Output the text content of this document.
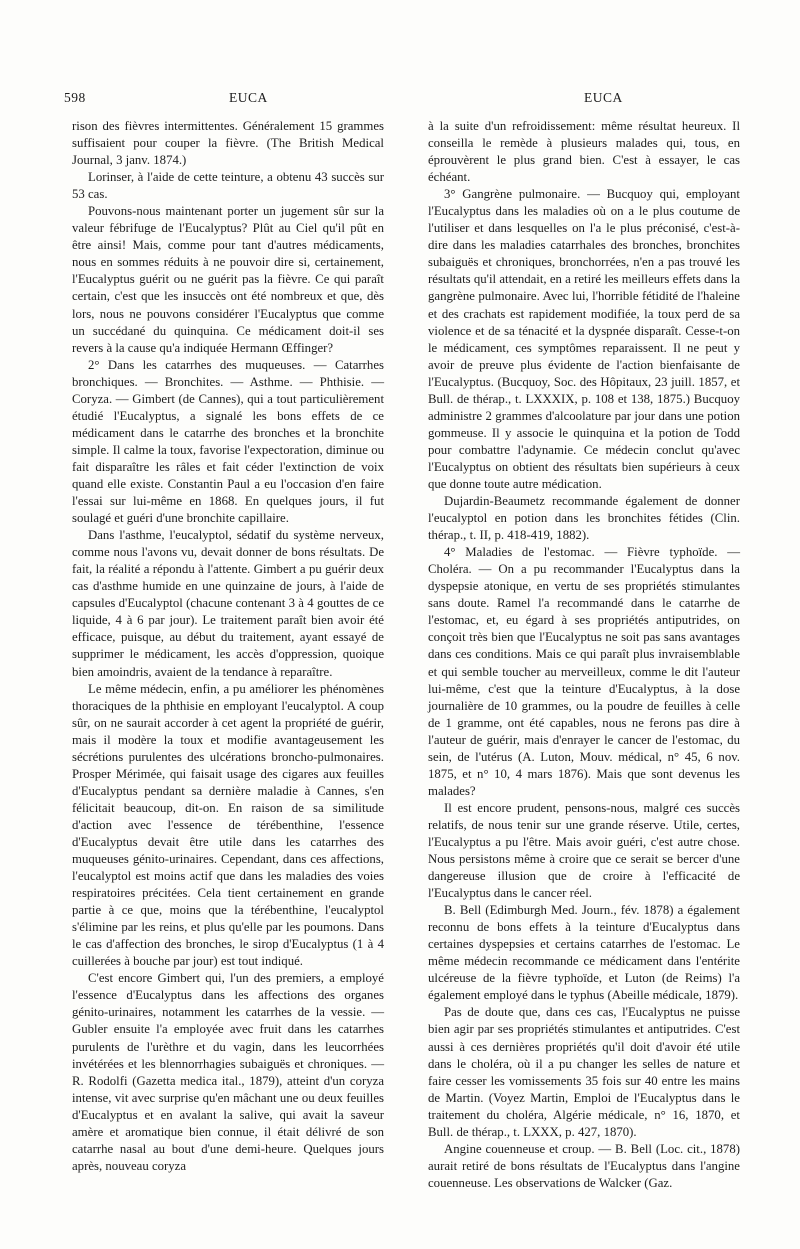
598	EUCA	EUCA

rison des fièvres intermittentes. Généralement 15 grammes suffisaient pour couper la fièvre. (The British Medical Journal, 3 janv. 1874.)

Lorinser, à l'aide de cette teinture, a obtenu 43 succès sur 53 cas.

Pouvons-nous maintenant porter un jugement sûr sur la valeur fébrifuge de l'Eucalyptus? Plût au Ciel qu'il pût en être ainsi! Mais, comme pour tant d'autres médicaments, nous en sommes réduits à ne pouvoir dire si, certainement, l'Eucalyptus guérit ou ne guérit pas la fièvre. Ce qui paraît certain, c'est que les insuccès ont été nombreux et que, dès lors, nous ne pouvons considérer l'Eucalyptus que comme un succédané du quinquina. Ce médicament doit-il ses revers à la cause qu'a indiquée Hermann Œffinger?

2° Dans les catarrhes des muqueuses. — Catarrhes bronchiques. — Bronchites. — Asthme. — Phthisie. — Coryza. — Gimbert (de Cannes), qui a tout particulièrement étudié l'Eucalyptus, a signalé les bons effets de ce médicament dans le catarrhe des bronches et la bronchite simple. Il calme la toux, favorise l'expectoration, diminue ou fait disparaître les râles et fait céder l'extinction de voix quand elle existe. Constantin Paul a eu l'occasion d'en faire l'essai sur lui-même en 1868. En quelques jours, il fut soulagé et guéri d'une bronchite capillaire.

Dans l'asthme, l'eucalyptol, sédatif du système nerveux, comme nous l'avons vu, devait donner de bons résultats. De fait, la réalité a répondu à l'attente. Gimbert a pu guérir deux cas d'asthme humide en une quinzaine de jours, à l'aide de capsules d'Eucalyptol (chacune contenant 3 à 4 gouttes de ce liquide, 4 à 6 par jour). Le traitement paraît bien avoir été efficace, puisque, au début du traitement, ayant essayé de supprimer le médicament, les accès d'oppression, quoique bien amoindris, avaient de la tendance à reparaître.

Le même médecin, enfin, a pu améliorer les phénomènes thoraciques de la phthisie en employant l'eucalyptol. A coup sûr, on ne saurait accorder à cet agent la propriété de guérir, mais il modère la toux et modifie avantageusement les sécrétions purulentes des ulcérations broncho-pulmonaires. Prosper Mérimée, qui faisait usage des cigares aux feuilles d'Eucalyptus pendant sa dernière maladie à Cannes, s'en félicitait beaucoup, dit-on. En raison de sa similitude d'action avec l'essence de térébenthine, l'essence d'Eucalyptus devait être utile dans les catarrhes des muqueuses génito-urinaires. Cependant, dans ces affections, l'eucalyptol est moins actif que dans les maladies des voies respiratoires précitées. Cela tient certainement en grande partie à ce que, moins que la térébenthine, l'eucalyptol s'élimine par les reins, et plus qu'elle par les poumons. Dans le cas d'affection des bronches, le sirop d'Eucalyptus (1 à 4 cuillerées à bouche par jour) est tout indiqué.

C'est encore Gimbert qui, l'un des premiers, a employé l'essence d'Eucalyptus dans les affections des organes génito-urinaires, notamment les catarrhes de la vessie. — Gubler ensuite l'a employée avec fruit dans les catarrhes purulents de l'urèthre et du vagin, dans les leucorrhées invétérées et les blennorrhagies subaiguës et chroniques. — R. Rodolfi (Gazetta medica ital., 1879), atteint d'un coryza intense, vit avec surprise qu'en mâchant une ou deux feuilles d'Eucalyptus et en avalant la salive, qui avait la saveur amère et aromatique bien connue, il était délivré de son catarrhe nasal au bout d'une demi-heure. Quelques jours après, nouveau coryza

à la suite d'un refroidissement: même résultat heureux. Il conseilla le remède à plusieurs malades qui, tous, en éprouvèrent le plus grand bien. C'est à essayer, le cas échéant.

3° Gangrène pulmonaire. — Bucquoy qui, employant l'Eucalyptus dans les maladies où on a le plus coutume de l'utiliser et dans lesquelles on l'a le plus préconisé, c'est-à-dire dans les maladies catarrhales des bronches, bronchites subaiguës et chroniques, bronchorrées, n'en a pas trouvé les résultats qu'il attendait, en a retiré les meilleurs effets dans la gangrène pulmonaire. Avec lui, l'horrible fétidité de l'haleine et des crachats est rapidement modifiée, la toux perd de sa violence et de sa ténacité et la dyspnée disparaît. Cesse-t-on le médicament, ces symptômes reparaissent. Il ne peut y avoir de preuve plus évidente de l'action bienfaisante de l'Eucalyptus. (Bucquoy, Soc. des Hôpitaux, 23 juill. 1857, et Bull. de thérap., t. LXXXIX, p. 108 et 138, 1875.) Bucquoy administre 2 grammes d'alcoolature par jour dans une potion gommeuse. Il y associe le quinquina et la potion de Todd pour combattre l'adynamie. Ce médecin conclut qu'avec l'Eucalyptus on obtient des résultats bien supérieurs à ceux que donne toute autre médication.

Dujardin-Beaumetz recommande également de donner l'eucalyptol en potion dans les bronchites fétides (Clin. thérap., t. II, p. 418-419, 1882).

4° Maladies de l'estomac. — Fièvre typhoïde. — Choléra. — On a pu recommander l'Eucalyptus dans la dyspepsie atonique, en vertu de ses propriétés stimulantes sans doute. Ramel l'a recommandé dans le catarrhe de l'estomac, et, eu égard à ses propriétés antiputrides, on conçoit très bien que l'Eucalyptus ne soit pas sans avantages dans ces conditions. Mais ce qui paraît plus invraisemblable et qui semble toucher au merveilleux, comme le dit l'auteur lui-même, c'est que la teinture d'Eucalyptus, à la dose journalière de 10 grammes, ou la poudre de feuilles à celle de 1 gramme, ont été capables, nous ne ferons pas dire à l'auteur de guérir, mais d'enrayer le cancer de l'estomac, du sein, de l'utérus (A. Luton, Mouv. médical, n° 45, 6 nov. 1875, et n° 10, 4 mars 1876). Mais que sont devenus les malades?

Il est encore prudent, pensons-nous, malgré ces succès relatifs, de nous tenir sur une grande réserve. Utile, certes, l'Eucalyptus a pu l'être. Mais avoir guéri, c'est autre chose. Nous persistons même à croire que ce serait se bercer d'une dangereuse illusion que de croire à l'efficacité de l'Eucalyptus dans le cancer réel.

B. Bell (Edimburgh Med. Journ., fév. 1878) a également reconnu de bons effets à la teinture d'Eucalyptus dans certaines dyspepsies et certains catarrhes de l'estomac. Le même médecin recommande ce médicament dans l'entérite ulcéreuse de la fièvre typhoïde, et Luton (de Reims) l'a également employé dans le typhus (Abeille médicale, 1879).

Pas de doute que, dans ces cas, l'Eucalyptus ne puisse bien agir par ses propriétés stimulantes et antiputrides. C'est aussi à ces dernières propriétés qu'il doit d'avoir été utile dans le choléra, où il a pu changer les selles de nature et faire cesser les vomissements 35 fois sur 40 entre les mains de Martin. (Voyez Martin, Emploi de l'Eucalyptus dans le traitement du choléra, Algérie médicale, n° 16, 1870, et Bull. de thérap., t. LXXX, p. 427, 1870).

Angine couenneuse et croup. — B. Bell (Loc. cit., 1878) aurait retiré de bons résultats de l'Eucalyptus dans l'angine couenneuse. Les observations de Walcker (Gaz.
